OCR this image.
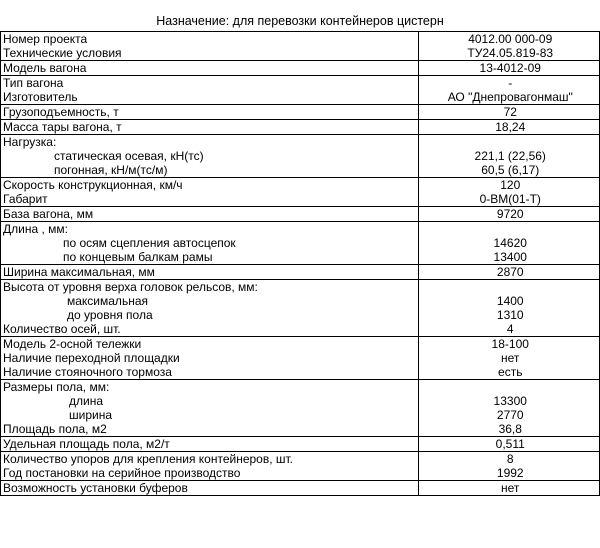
Назначение: для перевозки контейнеров цистерн
Номер проекта	4012.00 000-09
Технические условия	ТУ24.05.819-83
Модель вагона	13-4012-09
Тип вагона	-
Изготовитель	АО "Днепровагонмаш"
Грузоподъемность, т	72
Масса тары вагона, т	18,24
Нагрузка:	
статическая осевая, кН(тс)	221,1 (22,56)
погонная, кН/м(тс/м)	60,5 (6,17)
Скорость конструкционная, км/ч	120
Габарит	0-ВМ(01-Т)
База вагона, мм	9720
Длина , мм:	
по осям сцепления автосцепок	14620
по концевым балкам рамы	13400
Ширина максимальная, мм	2870
Высота от уровня верха головок рельсов, мм:	
максимальная	1400
до уровня пола	1310
Количество осей, шт.	4
Модель 2-осной тележки	18-100
Наличие переходной площадки	нет
Наличие стояночного тормоза	есть
Размеры пола, мм:	
длина	13300
ширина	2770
Площадь пола, м2	36,8
Удельная площадь пола, м2/т	0,511
Количество упоров для крепления контейнеров, шт.	8
Год постановки на серийное производство	1992
Возможность установки буферов	нет
